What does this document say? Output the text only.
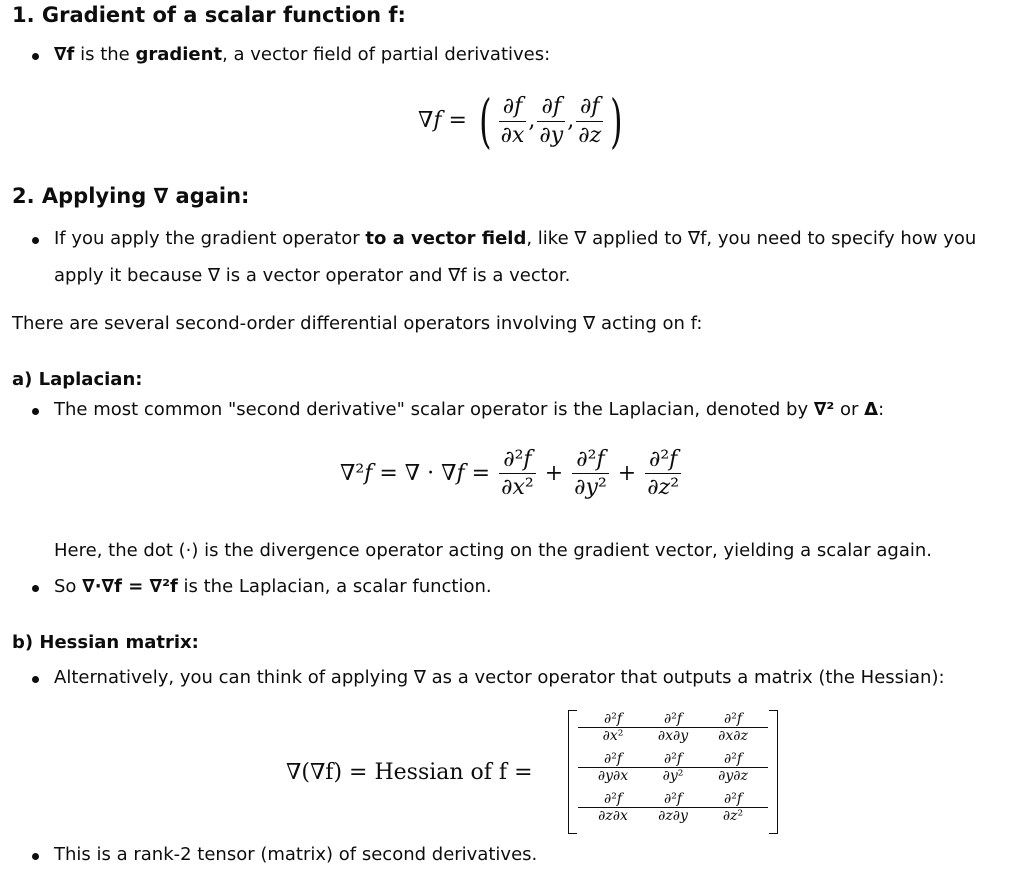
1. Gradient of a scalar function f:
∇f is the gradient, a vector field of partial derivatives:
∇f = ( $\frac{\partial f}{\partial x}$ , $\frac{\partial f}{\partial y}$ , $\frac{\partial f}{\partial z}$ )
2. Applying ∇ again:
If you apply the gradient operator to a vector field, like ∇ applied to ∇f, you need to specify how you
apply it because ∇ is a vector operator and ∇f is a vector.
There are several second-order differential operators involving ∇ acting on f:
a) Laplacian:
The most common "second derivative" scalar operator is the Laplacian, denoted by ∇² or Δ:
∇²f = ∇ · $\nabla f = \frac{\text{∂²f}}{\text{∂x²}} + \frac{\text{∂²f}}{\text{∂y²}} + \frac{\text{∂²f}}{\text{∂z²}}$
Here, the dot (·) is the divergence operator acting on the gradient vector, yielding a scalar again.
So ∇·∇f = ∇²f is the Laplacian, a scalar function.
b) Hessian matrix:
Alternatively, you can think of applying ∇ as a vector operator that outputs a matrix (the Hessian):
∇(∇f) = Hessian of f =
$\frac{\text{∂²f}}{\text{∂x²}}$
$\frac{\text{∂²f}}{\partial x\partial y}$
$\frac{\text{∂²f}}{\partial x\partial z}$
$\frac{\text{∂²f}}{\partial y\partial x}$
$\frac{\text{∂²f}}{\text{∂y²}}$
$\frac{\text{∂²f}}{\partial y\partial z}$
$\frac{\text{∂²f}}{\partial z\partial x}$
$\frac{\text{∂²f}}{\partial z\partial y}$
$\frac{\text{∂²f}}{\text{∂z²}}$
This is a rank-2 tensor (matrix) of second derivatives.
